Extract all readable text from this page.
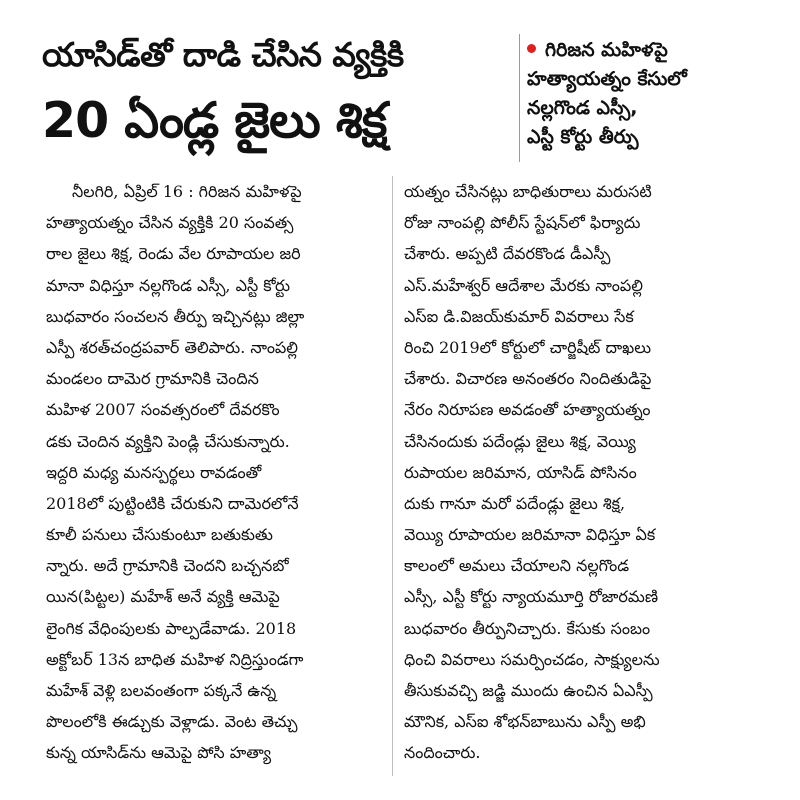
యాసిడ్‌తో దాడి చేసిన వ్యక్తికి
20 ఏండ్ల జైలు శిక్ష
గిరిజన మహిళపై
హత్యాయత్నం కేసులో
నల్లగొండ ఎస్సీ,
ఎస్టీ కోర్టు తీర్పు
నీలగిరి, ఏప్రిల్ 16 : గిరిజన మహిళపై
హత్యాయత్నం చేసిన వ్యక్తికి 20 సంవత్స
రాల జైలు శిక్ష, రెండు వేల రూపాయల జరి
మానా విధిస్తూ నల్లగొండ ఎస్సీ, ఎస్టీ కోర్టు
బుధవారం సంచలన తీర్పు ఇచ్చినట్లు జిల్లా
ఎస్పీ శరత్‌చంద్రపవార్ తెలిపారు. నాంపల్లి
మండలం దామెర గ్రామానికి చెందిన
మహిళ 2007 సంవత్సరంలో దేవరకొం
డకు చెందిన వ్యక్తిని పెండ్లి చేసుకున్నారు.
ఇద్దరి మధ్య మనస్పర్థలు రావడంతో
2018లో పుట్టింటికి చేరుకుని దామెరలోనే
కూలీ పనులు చేసుకుంటూ బతుకుతు
న్నారు. అదే గ్రామానికి చెందని బచ్చనబో
యిన(పిట్టల) మహేశ్ అనే వ్యక్తి ఆమెపై
లైంగిక వేధింపులకు పాల్పడేవాడు. 2018
అక్టోబర్ 13న బాధిత మహిళ నిద్రిస్తుండగా
మహేశ్ వెళ్లి బలవంతంగా పక్కనే ఉన్న
పొలంలోకి ఈడ్చుకు వెళ్లాడు. వెంట తెచ్చు
కున్న యాసిడ్‌ను ఆమెపై పోసి హత్యా
యత్నం చేసినట్లు బాధితురాలు మరుసటి
రోజు నాంపల్లి పోలీస్ స్టేషన్‌లో ఫిర్యాదు
చేశారు. అప్పటి దేవరకొండ డీఎస్పీ
ఎస్.మహేశ్వర్ ఆదేశాల మేరకు నాంపల్లి
ఎస్ఐ డి.విజయ్‌కుమార్ వివరాలు సేక
రించి 2019లో కోర్టులో చార్జిషీట్ దాఖలు
చేశారు. విచారణ అనంతరం నిందితుడిపై
నేరం నిరూపణ అవడంతో హత్యాయత్నం
చేసినందుకు పదేండ్లు జైలు శిక్ష, వెయ్యి
రుపాయల జరిమాన, యాసిడ్ పోసినం
దుకు గానూ మరో పదేండ్లు జైలు శిక్ష,
వెయ్యి రూపాయల జరిమానా విధిస్తూ ఏక
కాలంలో అమలు చేయాలని నల్లగొండ
ఎస్సీ, ఎస్టీ కోర్టు న్యాయమూర్తి రోజారమణి
బుధవారం తీర్పునిచ్చారు. కేసుకు సంబం
ధించి వివరాలు సమర్పించడం, సాక్ష్యులను
తీసుకువచ్చి జడ్జి ముందు ఉంచిన ఏఎస్పీ
మౌనిక, ఎస్ఐ శోభన్‌బాబును ఎస్పీ అభి
నందించారు.
